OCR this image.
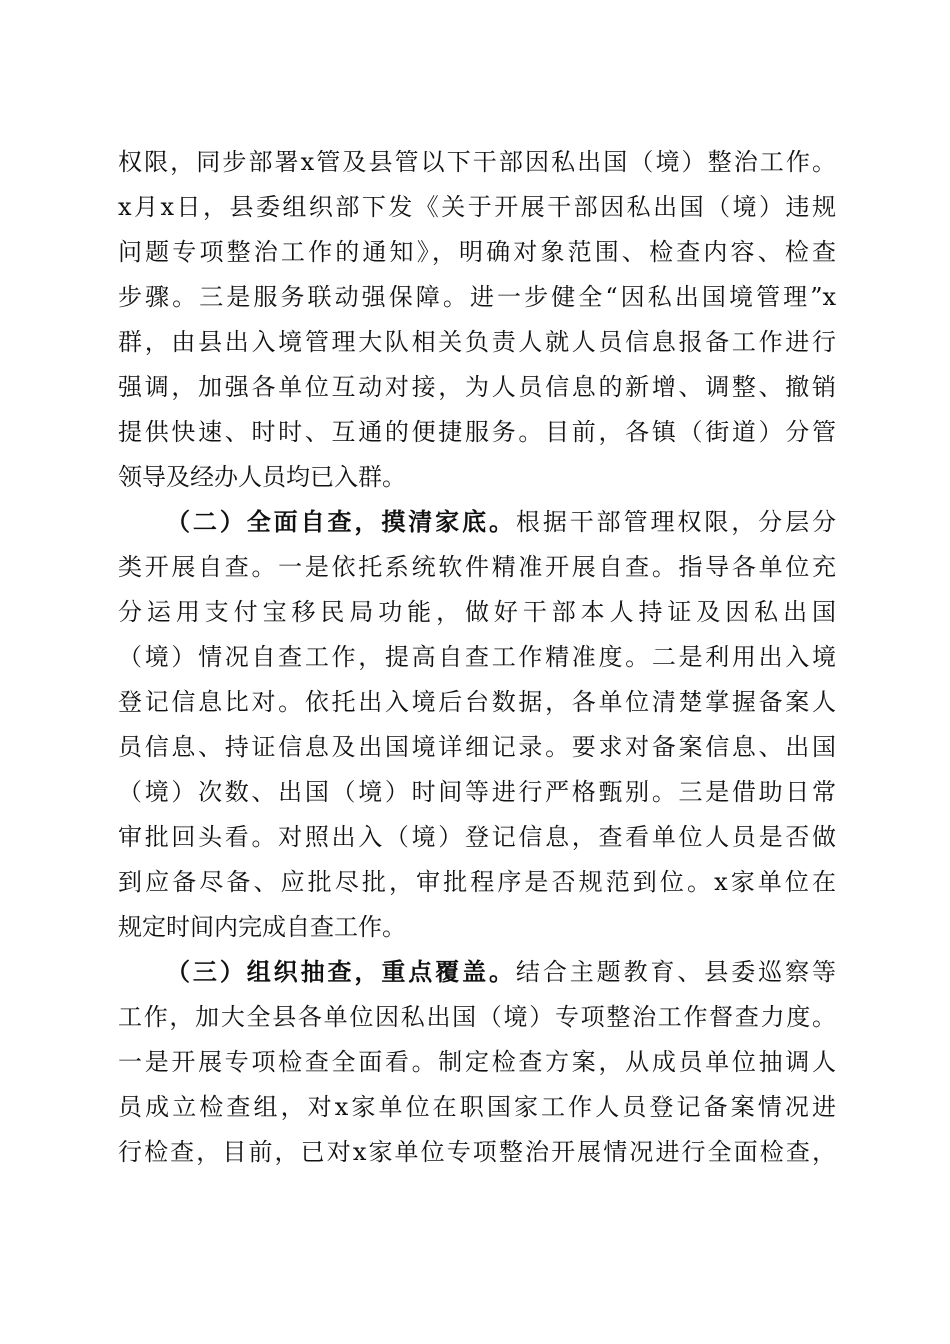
权限，同步部署x管及县管以下干部因私出国（境）整治工作。

x月x日，县委组织部下发《关于开展干部因私出国（境）违规

问题专项整治工作的通知》，明确对象范围、检查内容、检查

步骤。三是服务联动强保障。进一步健全“因私出国境管理”x

群，由县出入境管理大队相关负责人就人员信息报备工作进行

强调，加强各单位互动对接，为人员信息的新增、调整、撤销

提供快速、时时、互通的便捷服务。目前，各镇（街道）分管

领导及经办人员均已入群。

（二）全面自查，摸清家底。根据干部管理权限，分层分

类开展自查。一是依托系统软件精准开展自查。指导各单位充

分运用支付宝移民局功能，做好干部本人持证及因私出国

（境）情况自查工作，提高自查工作精准度。二是利用出入境

登记信息比对。依托出入境后台数据，各单位清楚掌握备案人

员信息、持证信息及出国境详细记录。要求对备案信息、出国

（境）次数、出国（境）时间等进行严格甄别。三是借助日常

审批回头看。对照出入（境）登记信息，查看单位人员是否做

到应备尽备、应批尽批，审批程序是否规范到位。x家单位在

规定时间内完成自查工作。

（三）组织抽查，重点覆盖。结合主题教育、县委巡察等

工作，加大全县各单位因私出国（境）专项整治工作督查力度。

一是开展专项检查全面看。制定检查方案，从成员单位抽调人

员成立检查组，对x家单位在职国家工作人员登记备案情况进

行检查，目前，已对x家单位专项整治开展情况进行全面检查，
